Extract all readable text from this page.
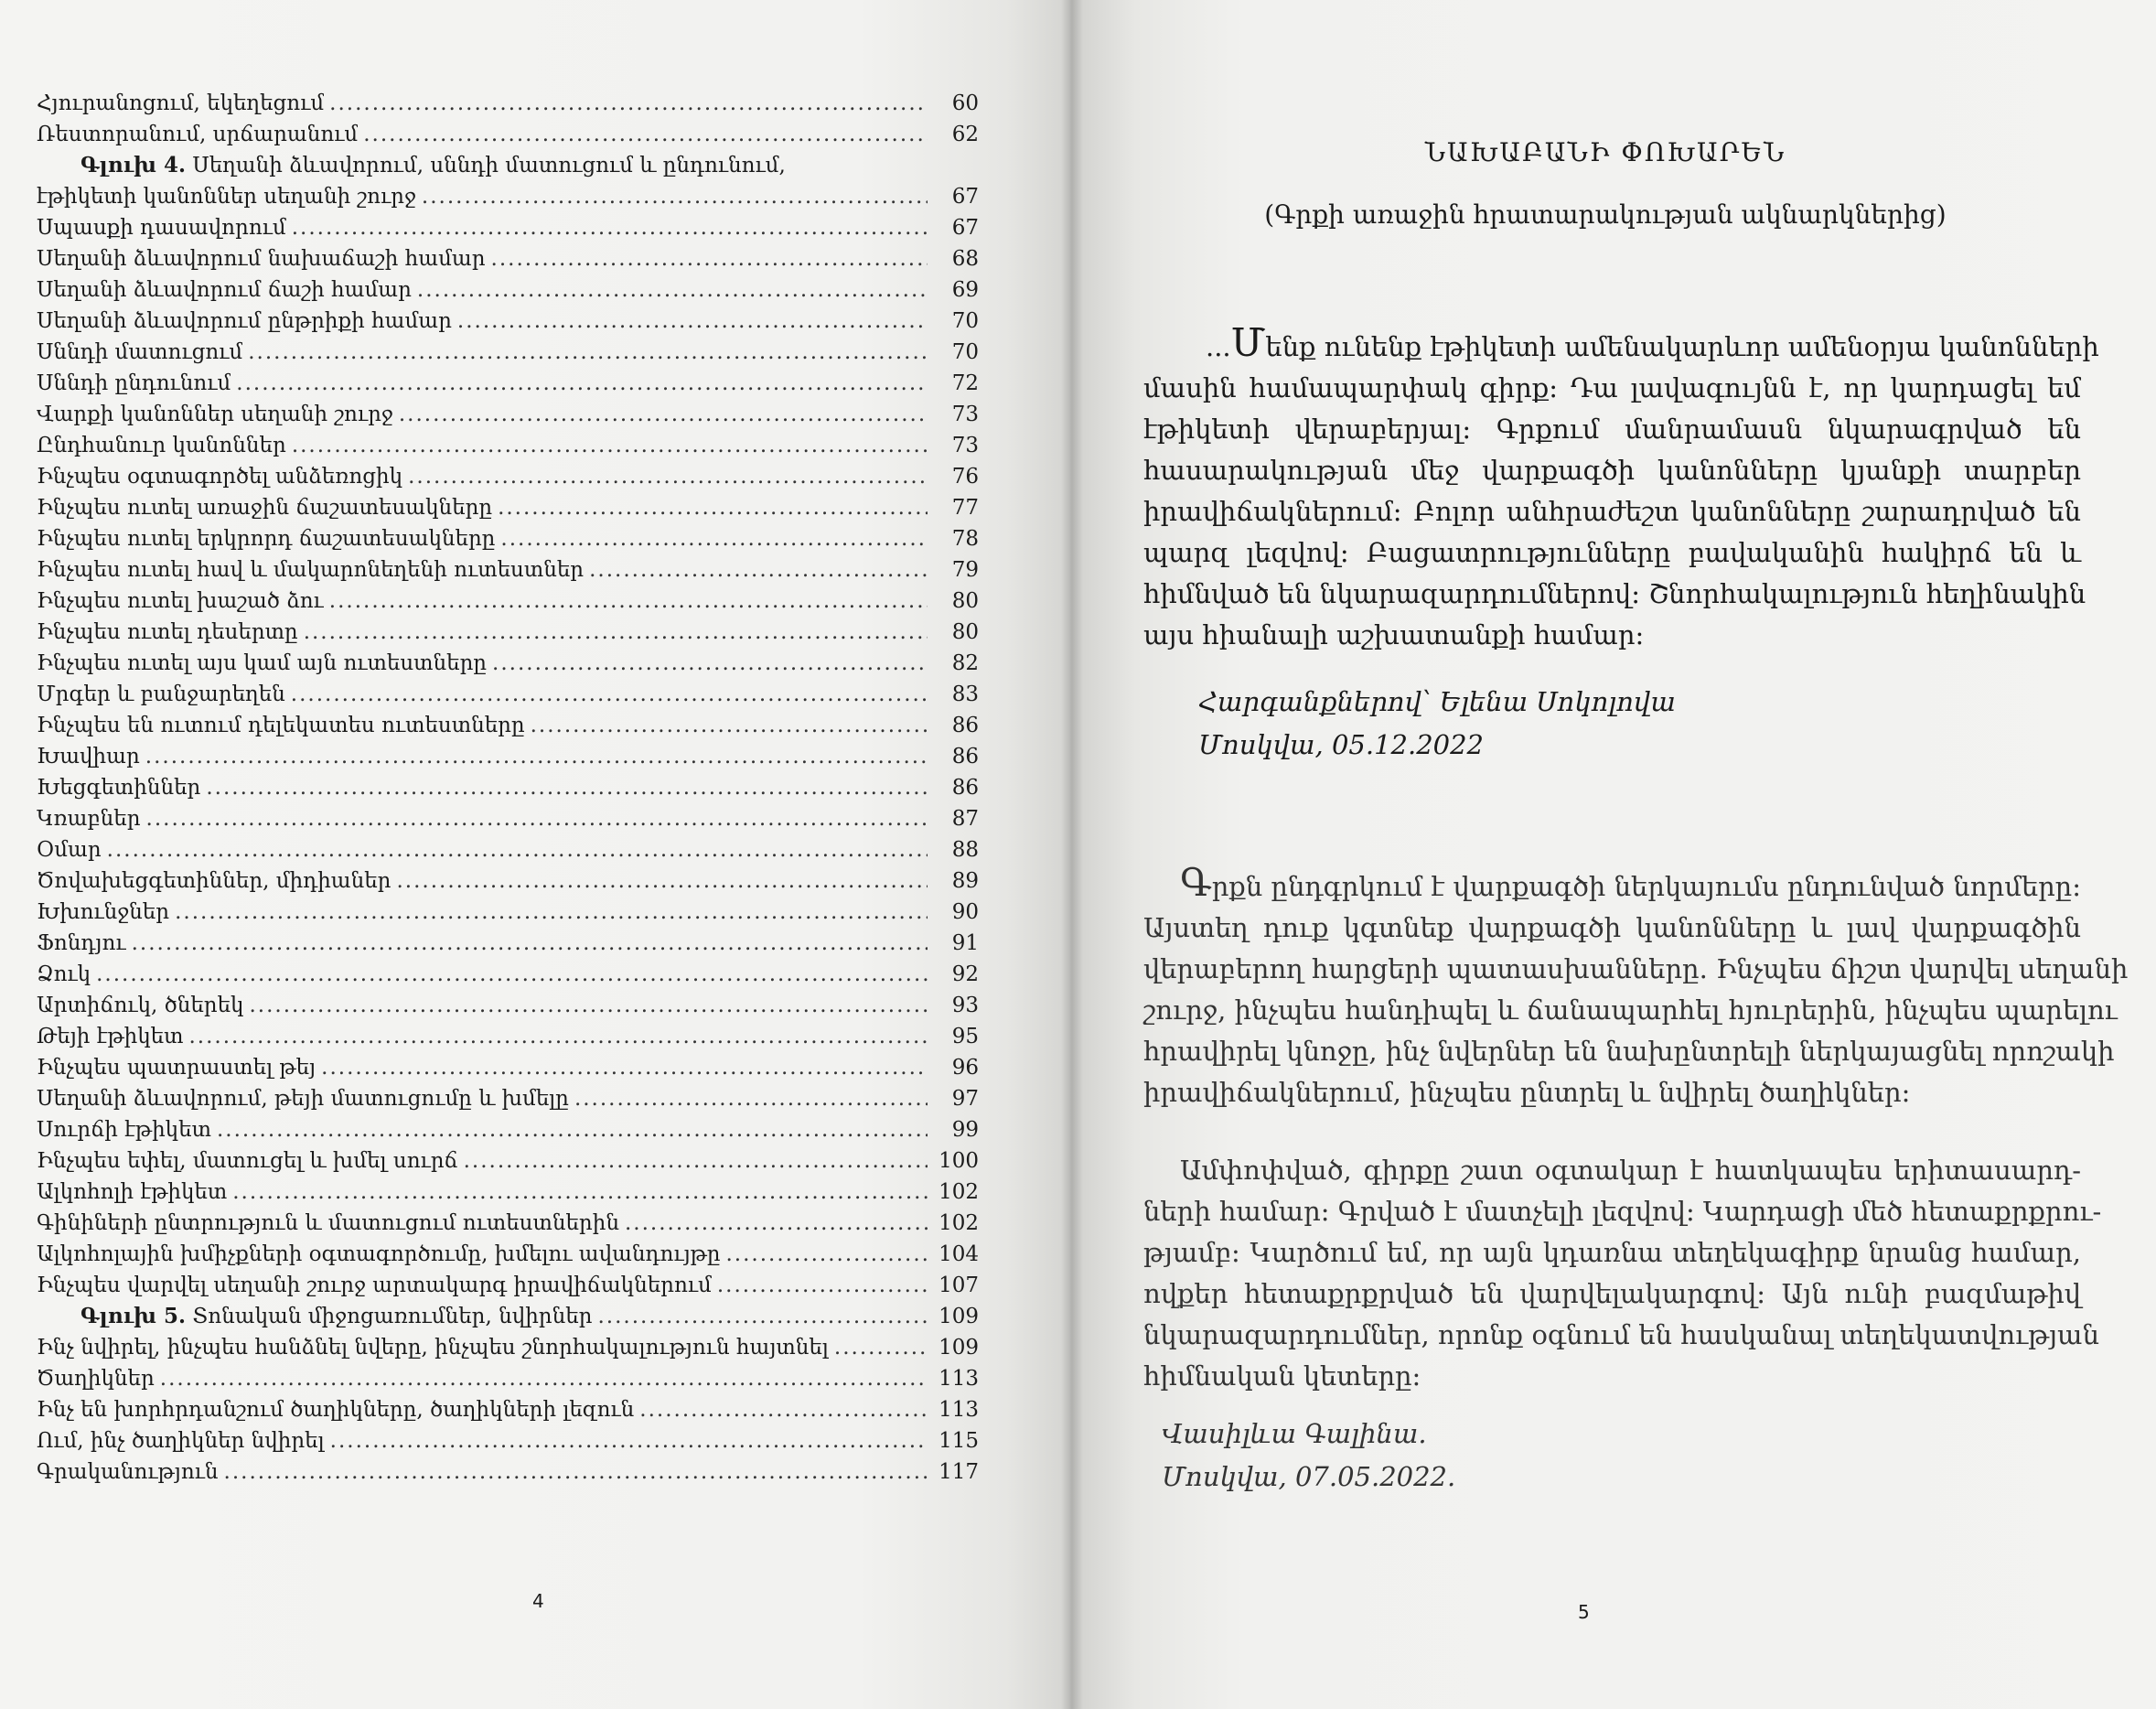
Հյուրանոցում, եկեղեցում .....	60
Ռեստորանում, սրճարանում .....	62
Գլուխ 4. Սեղանի ձևավորում, սննդի մատուցում և ընդունում,
էթիկետի կանոններ սեղանի շուրջ .....	67
Սպասքի դասավորում .....	67
Սեղանի ձևավորում նախաճաշի համար .....	68
Սեղանի ձևավորում ճաշի համար .....	69
Սեղանի ձևավորում ընթրիքի համար .....	70
Սննդի մատուցում .....	70
Սննդի ընդունում .....	72
Վարքի կանոններ սեղանի շուրջ .....	73
Ընդհանուր կանոններ .....	73
Ինչպես օգտագործել անձեռոցիկ .....	76
Ինչպես ուտել առաջին ճաշատեսակները .....	77
Ինչպես ուտել երկրորդ ճաշատեսակները .....	78
Ինչպես ուտել հավ և մակարոնեղենի ուտեստներ .....	79
Ինչպես ուտել խաշած ձու .....	80
Ինչպես ուտել դեսերտը .....	80
Ինչպես ուտել այս կամ այն ուտեստները .....	82
Մրգեր և բանջարեղեն .....	83
Ինչպես են ուտում դելեկատես ուտեստները .....	86
Խավիար .....	86
Խեցգետիններ .....	86
Կռաբներ .....	87
Օմար .....	88
Ծովախեցգետիններ, միդիաներ .....	89
Խխունջներ .....	90
Ֆոնդյու .....	91
Ձուկ .....	92
Արտիճուկ, ծներեկ .....	93
Թեյի էթիկետ .....	95
Ինչպես պատրաստել թեյ .....	96
Սեղանի ձևավորում, թեյի մատուցումը և խմելը .....	97
Սուրճի էթիկետ .....	99
Ինչպես եփել, մատուցել և խմել սուրճ .....	100
Ալկոհոլի էթիկետ .....	102
Գինիների ընտրություն և մատուցում ուտեստներին .....	102
Ալկոհոլային խմիչքների օգտագործումը, խմելու ավանդույթը .....	104
Ինչպես վարվել սեղանի շուրջ արտակարգ իրավիճակներում .....	107
Գլուխ 5. Տոնական միջոցառումներ, նվիրներ .....	109
Ինչ նվիրել, ինչպես հանձնել նվերը, ինչպես շնորհակալություն հայտնել .....	109
Ծաղիկներ .....	113
Ինչ են խորհրդանշում ծաղիկները, ծաղիկների լեզուն .....	113
Ում, ինչ ծաղիկներ նվիրել .....	115
Գրականություն .....	117
4	5
ՆԱԽԱԲԱՆԻ ՓՈԽԱՐԵՆ
(Գրքի առաջին հրատարակության ակնարկներից)
...Մենք ունենք էթիկետի ամենակարևոր ամենօրյա կանոնների
մասին համապարփակ գիրք: Դա լավագույնն է, որ կարդացել եմ
էթիկետի վերաբերյալ: Գրքում մանրամասն նկարագրված են
հասարակության մեջ վարքագծի կանոնները կյանքի տարբեր
իրավիճակներում: Բոլոր անհրաժեշտ կանոնները շարադրված են
պարզ լեզվով: Բացատրությունները բավականին հակիրճ են և
հիմնված են նկարազարդումներով: Շնորհակալություն հեղինակին
այս հիանալի աշխատանքի համար:
Հարգանքներով՝ Ելենա Սոկոլովա
Մոսկվա, 05.12.2022
Գրքն ընդգրկում է վարքագծի ներկայումս ընդունված նորմերը:
Այստեղ դուք կգտնեք վարքագծի կանոնները և լավ վարքագծին
վերաբերող հարցերի պատասխանները. Ինչպես ճիշտ վարվել սեղանի
շուրջ, ինչպես հանդիպել և ճանապարհել հյուրերին, ինչպես պարելու
հրավիրել կնոջը, ինչ նվերներ են նախընտրելի ներկայացնել որոշակի
իրավիճակներում, ինչպես ընտրել և նվիրել ծաղիկներ:
Ամփոփված, գիրքը շատ օգտակար է հատկապես երիտասարդ-
ների համար: Գրված է մատչելի լեզվով: Կարդացի մեծ հետաքրքրու-
թյամբ: Կարծում եմ, որ այն կդառնա տեղեկագիրք նրանց համար,
ովքեր հետաքրքրված են վարվելակարգով: Այն ունի բազմաթիվ
նկարազարդումներ, որոնք օգնում են հասկանալ տեղեկատվության
հիմնական կետերը:
Վասիլևա Գալինա.
Մոսկվա, 07.05.2022.
